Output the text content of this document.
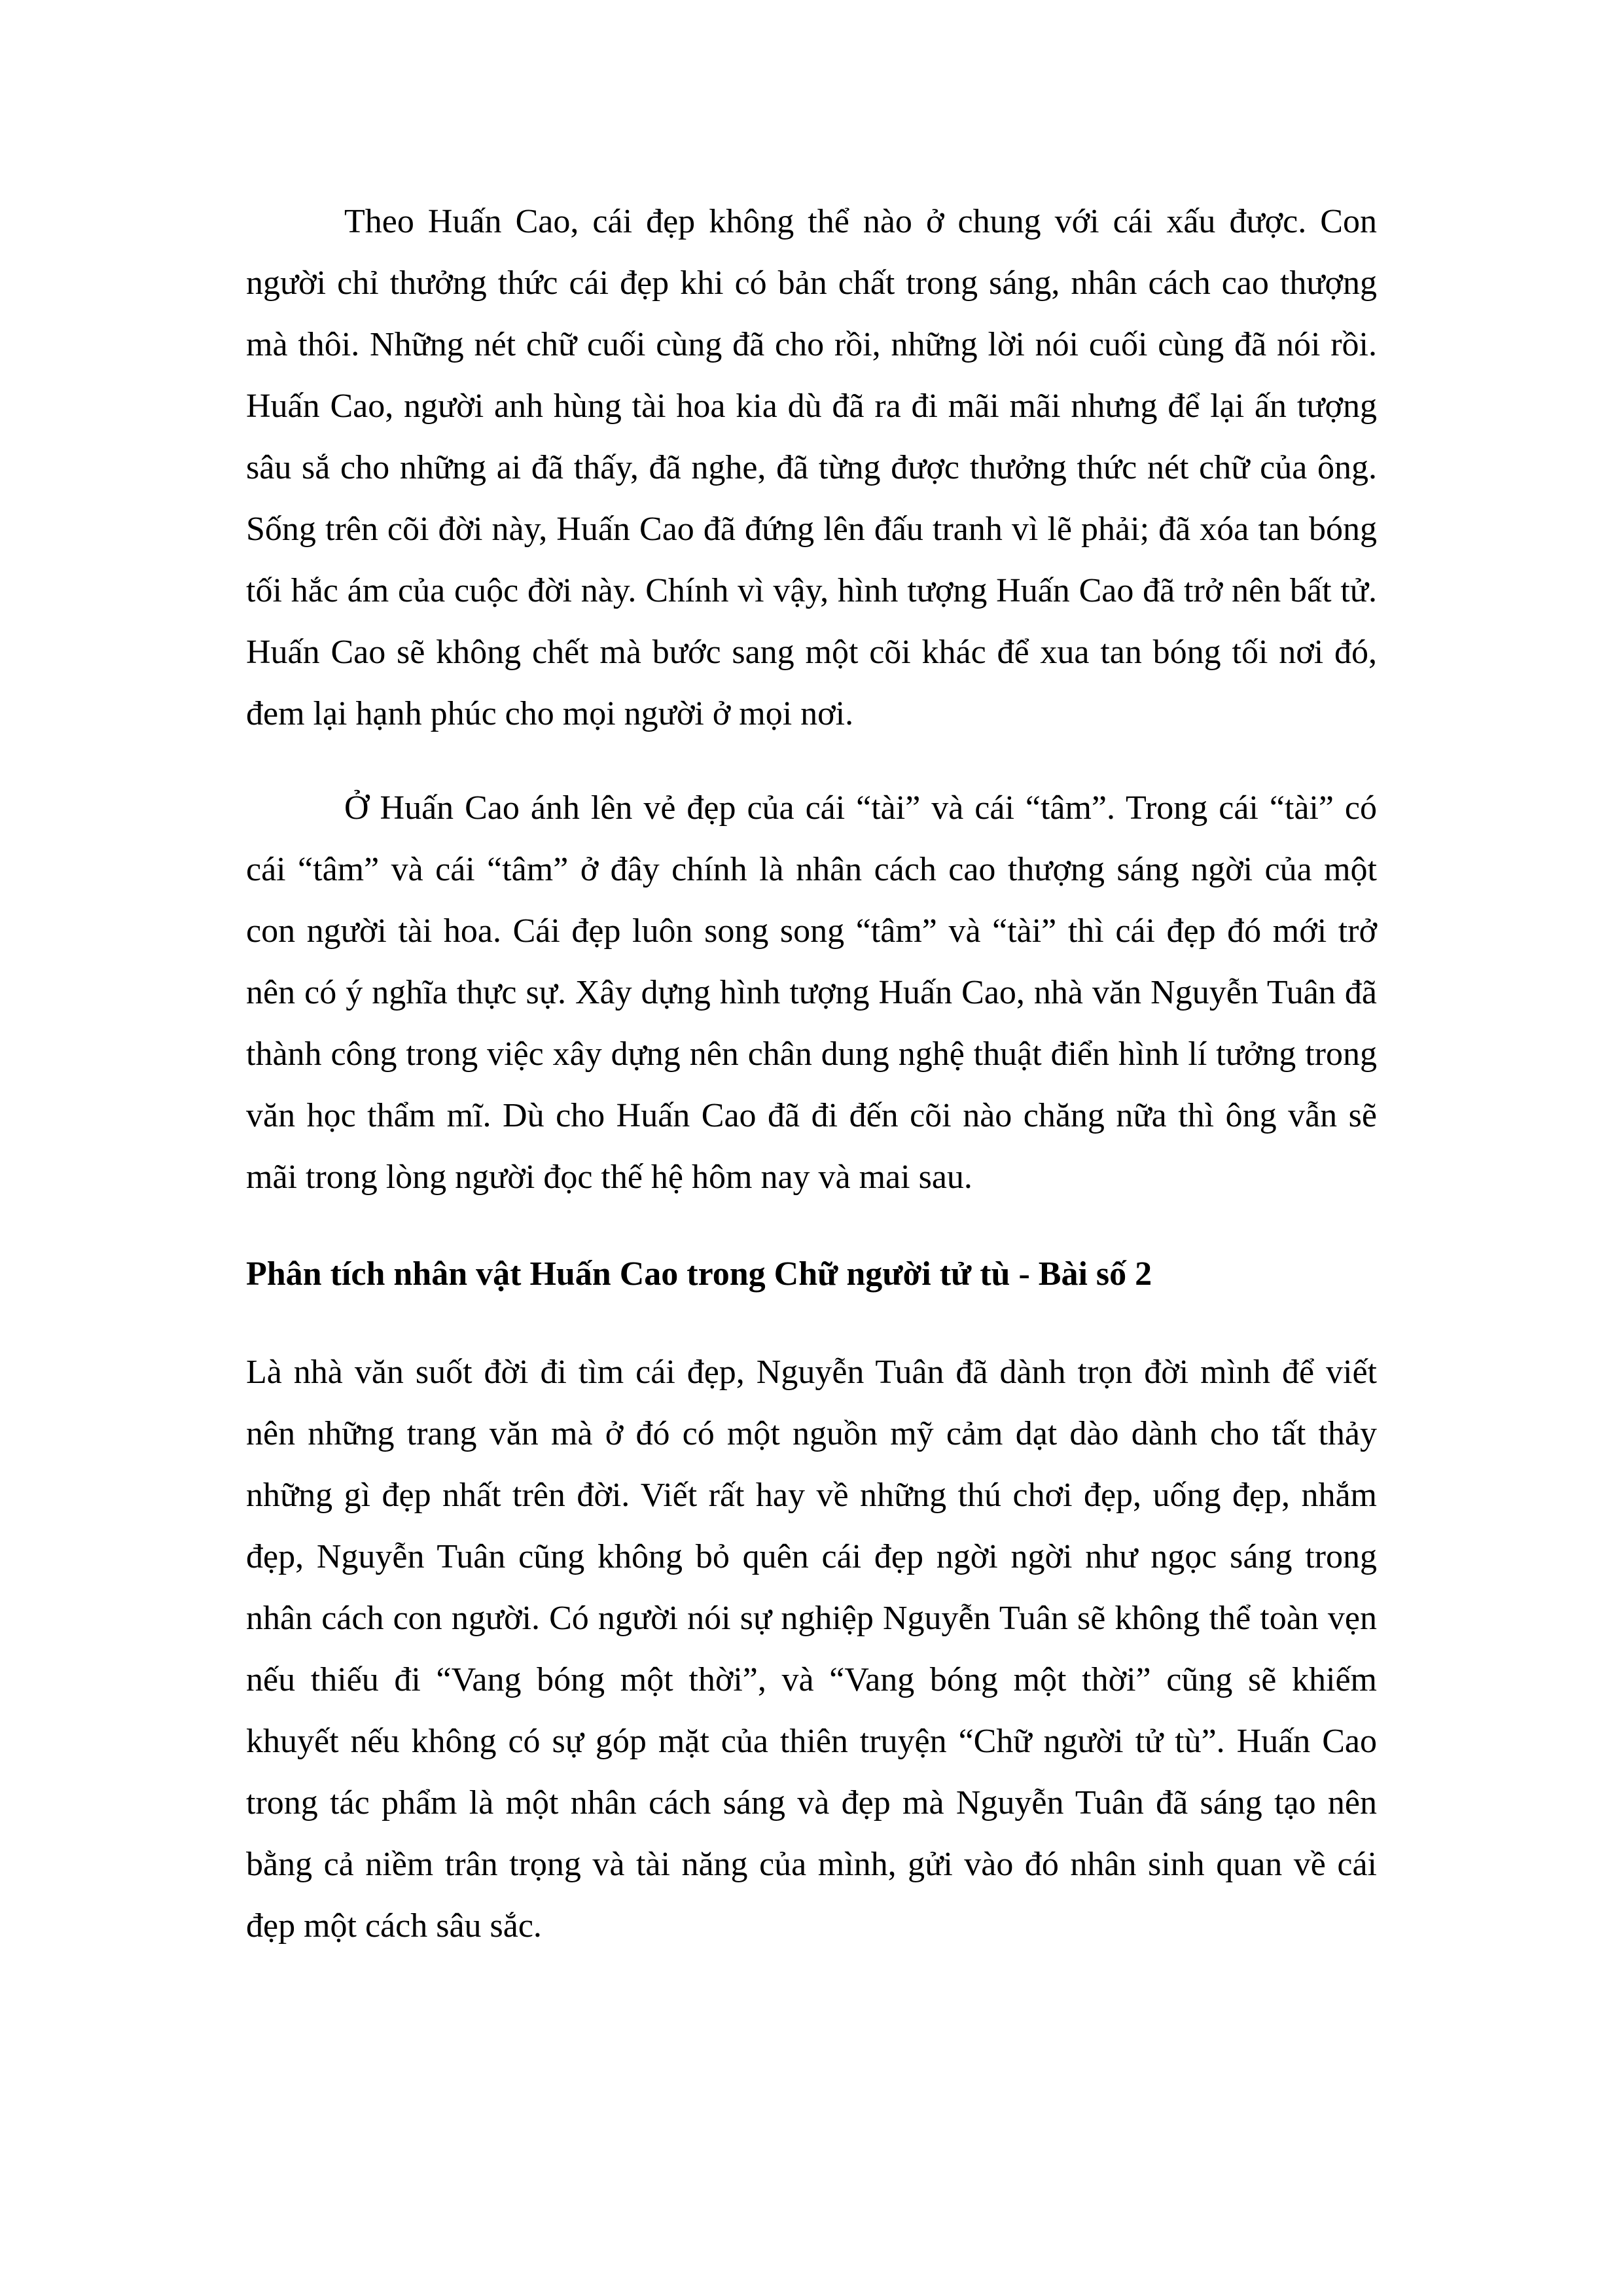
Theo Huấn Cao, cái đẹp không thể nào ở chung với cái xấu được. Con người chỉ thưởng thức cái đẹp khi có bản chất trong sáng, nhân cách cao thượng mà thôi. Những nét chữ cuối cùng đã cho rồi, những lời nói cuối cùng đã nói rồi. Huấn Cao, người anh hùng tài hoa kia dù đã ra đi mãi mãi nhưng để lại ấn tượng sâu sắ cho những ai đã thấy, đã nghe, đã từng được thưởng thức nét chữ của ông. Sống trên cõi đời này, Huấn Cao đã đứng lên đấu tranh vì lẽ phải; đã xóa tan bóng tối hắc ám của cuộc đời này. Chính vì vậy, hình tượng Huấn Cao đã trở nên bất tử. Huấn Cao sẽ không chết mà bước sang một cõi khác để xua tan bóng tối nơi đó, đem lại hạnh phúc cho mọi người ở mọi nơi.

Ở Huấn Cao ánh lên vẻ đẹp của cái “tài” và cái “tâm”. Trong cái “tài” có cái “tâm” và cái “tâm” ở đây chính là nhân cách cao thượng sáng ngời của một con người tài hoa. Cái đẹp luôn song song “tâm” và “tài” thì cái đẹp đó mới trở nên có ý nghĩa thực sự. Xây dựng hình tượng Huấn Cao, nhà văn Nguyễn Tuân đã thành công trong việc xây dựng nên chân dung nghệ thuật điển hình lí tưởng trong văn học thẩm mĩ. Dù cho Huấn Cao đã đi đến cõi nào chăng nữa thì ông vẫn sẽ mãi trong lòng người đọc thế hệ hôm nay và mai sau.

Phân tích nhân vật Huấn Cao trong Chữ người tử tù - Bài số 2

Là nhà văn suốt đời đi tìm cái đẹp, Nguyễn Tuân đã dành trọn đời mình để viết nên những trang văn mà ở đó có một nguồn mỹ cảm dạt dào dành cho tất thảy những gì đẹp nhất trên đời. Viết rất hay về những thú chơi đẹp, uống đẹp, nhắm đẹp, Nguyễn Tuân cũng không bỏ quên cái đẹp ngời ngời như ngọc sáng trong nhân cách con người. Có người nói sự nghiệp Nguyễn Tuân sẽ không thể toàn vẹn nếu thiếu đi “Vang bóng một thời”, và “Vang bóng một thời” cũng sẽ khiếm khuyết nếu không có sự góp mặt của thiên truyện “Chữ người tử tù”. Huấn Cao trong tác phẩm là một nhân cách sáng và đẹp mà Nguyễn Tuân đã sáng tạo nên bằng cả niềm trân trọng và tài năng của mình, gửi vào đó nhân sinh quan về cái đẹp một cách sâu sắc.
